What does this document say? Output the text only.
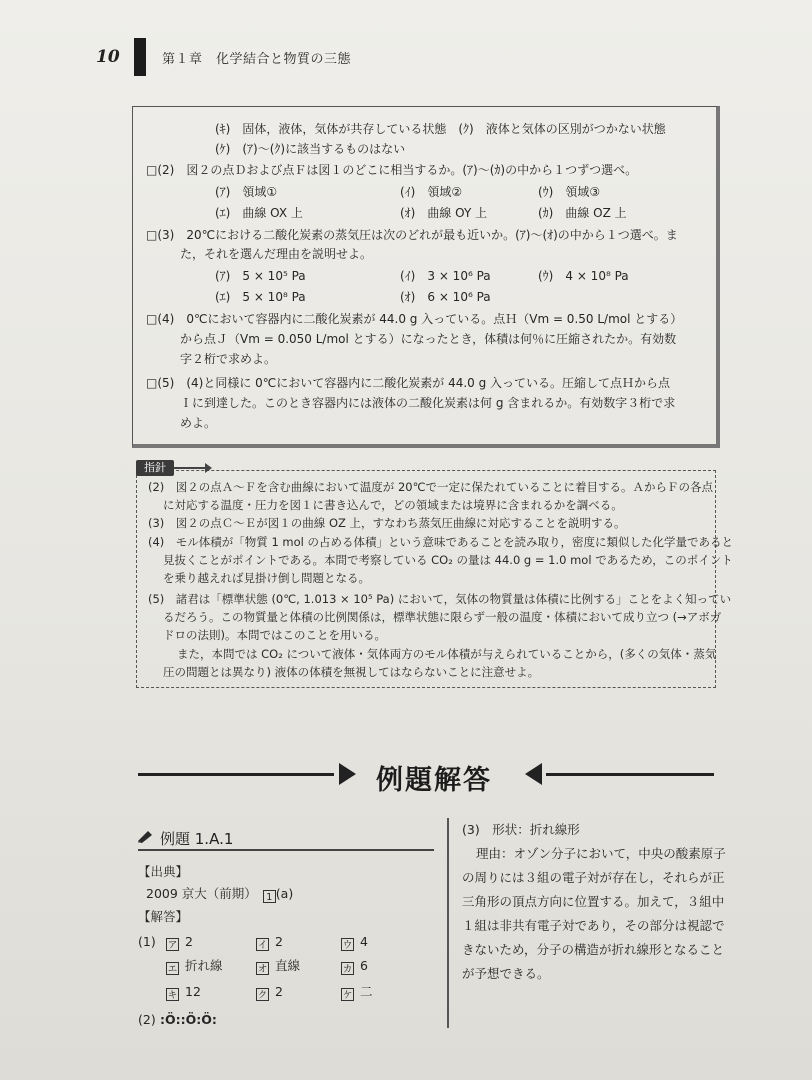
10	第１章　化学結合と物質の三態
(ｷ)　固体，液体，気体が共存している状態　(ｸ)　液体と気体の区別がつかない状態
(ｹ)　(ｱ)〜(ｸ)に該当するものはない
□(2)　図２の点Ｄおよび点Ｆは図１のどこに相当するか。(ｱ)〜(ｶ)の中から１つずつ選べ。
(ｱ)　領域①	(ｲ)　領域②	(ｳ)　領域③
(ｴ)　曲線 OX 上	(ｵ)　曲線 OY 上	(ｶ)　曲線 OZ 上
□(3)　20℃における二酸化炭素の蒸気圧は次のどれが最も近いか。(ｱ)〜(ｵ)の中から１つ選べ。ま
た，それを選んだ理由を説明せよ。
(ｱ)　5 × 10⁵ Pa	(ｲ)　3 × 10⁶ Pa	(ｳ)　4 × 10⁸ Pa
(ｴ)　5 × 10⁸ Pa	(ｵ)　6 × 10⁶ Pa
□(4)　0℃において容器内に二酸化炭素が 44.0 g 入っている。点Ｈ（Vm = 0.50 L/mol とする）
から点Ｊ（Vm = 0.050 L/mol とする）になったとき，体積は何％に圧縮されたか。有効数
字２桁で求めよ。
□(5)　(4)と同様に 0℃において容器内に二酸化炭素が 44.0 g 入っている。圧縮して点Ｈから点
Ｉに到達した。このとき容器内には液体の二酸化炭素は何 g 含まれるか。有効数字３桁で求
めよ。
指針
(2)　図２の点Ａ〜Ｆを含む曲線において温度が 20℃で一定に保たれていることに着目する。ＡからＦの各点
に対応する温度・圧力を図１に書き込んで，どの領域または境界に含まれるかを調べる。
(3)　図２の点Ｃ〜Ｅが図１の曲線 OZ 上，すなわち蒸気圧曲線に対応することを説明する。
(4)　モル体積が「物質 1 mol の占める体積」という意味であることを読み取り，密度に類似した化学量であると
見抜くことがポイントである。本問で考察している CO₂ の量は 44.0 g = 1.0 mol であるため，このポイント
を乗り越えれば見掛け倒し問題となる。
(5)　諸君は「標準状態 (0℃, 1.013 × 10⁵ Pa) において，気体の物質量は体積に比例する」ことをよく知ってい
るだろう。この物質量と体積の比例関係は，標準状態に限らず一般の温度・体積において成り立つ (→アボガ
ドロの法則)。本問ではこのことを用いる。
また，本問では CO₂ について液体・気体両方のモル体積が与えられていることから，(多くの気体・蒸気
圧の問題とは異なり) 液体の体積を無視してはならないことに注意せよ。
例題解答
例題 1.A.1
【出典】
2009 京大（前期） 1 (a)
【解答】
(1) ア 2	イ 2	ウ 4
エ 折れ線	オ 直線	カ 6
キ 12	ク 2	ケ 二
(2) :Ö::Ö:Ö:
(3)　形状：折れ線形
理由：オゾン分子において，中央の酸素原子
の周りには３組の電子対が存在し，それらが正
三角形の頂点方向に位置する。加えて，３組中
１組は非共有電子対であり，その部分は視認で
きないため，分子の構造が折れ線形となること
が予想できる。
